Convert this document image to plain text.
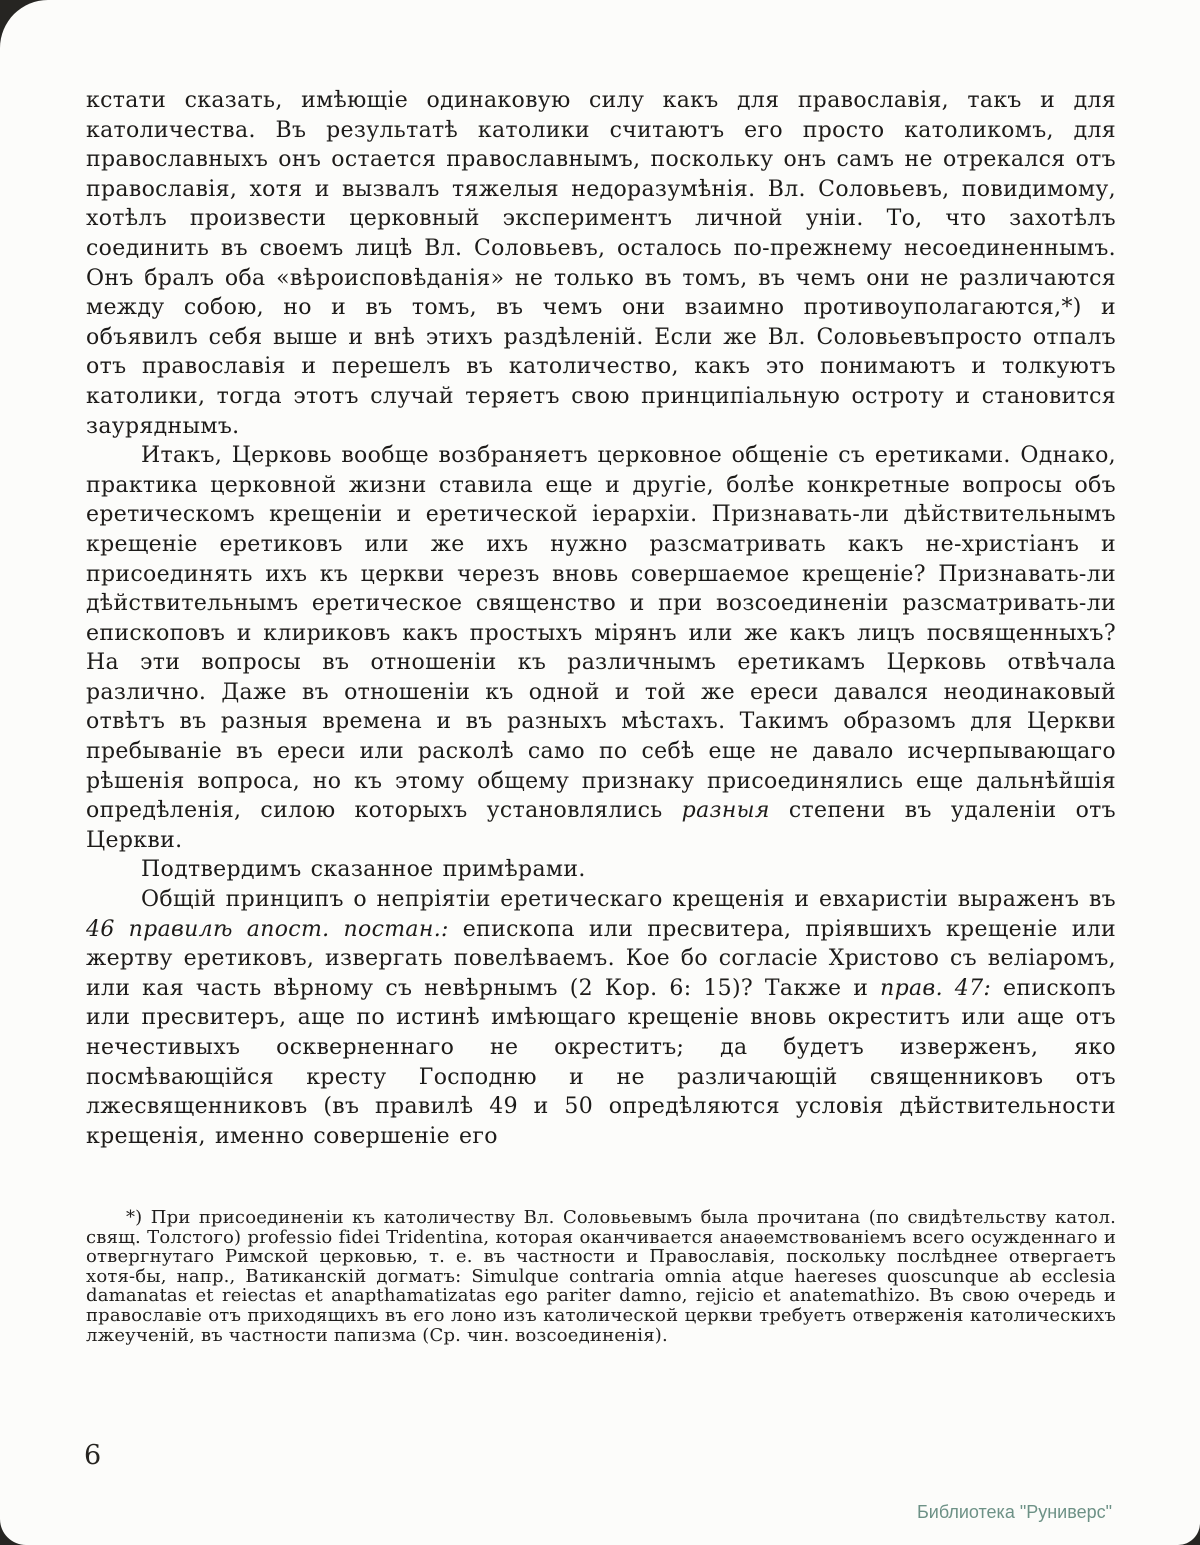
кстати сказать, имѣющіе одинаковую силу какъ для православія, такъ и для католичества. Въ результатѣ католики считаютъ его просто католикомъ, для православныхъ онъ остается православнымъ, поскольку онъ самъ не отрекался отъ православія, хотя и вызвалъ тяжелыя недоразумѣнія. Вл. Соловьевъ, повидимому, хотѣлъ произвести церковный экспериментъ личной уніи. То, что захотѣлъ соединить въ своемъ лицѣ Вл. Соловьевъ, осталось по-прежнему несоединеннымъ. Онъ бралъ оба «вѣроисповѣданія» не только въ томъ, въ чемъ они не различаются между собою, но и въ томъ, въ чемъ они взаимно противоуполагаются,*) и объявилъ себя выше и внѣ этихъ раздѣленій. Если же Вл. Соловьевъпросто отпалъ отъ православія и перешелъ въ католичество, какъ это понимаютъ и толкуютъ католики, тогда этотъ случай теряетъ свою принципіальную остроту и становится зауряднымъ.

Итакъ, Церковь вообще возбраняетъ церковное общеніе съ еретиками. Однако, практика церковной жизни ставила еще и другіе, болѣе конкретные вопросы объ еретическомъ крещеніи и еретической іерархіи. Признавать-ли дѣйствительнымъ крещеніе еретиковъ или же ихъ нужно разсматривать какъ не-христіанъ и присоединять ихъ къ церкви черезъ вновь совершаемое крещеніе? Признавать-ли дѣйствительнымъ еретическое священство и при возсоединеніи разсматривать-ли епископовъ и клириковъ какъ простыхъ мірянъ или же какъ лицъ посвященныхъ? На эти вопросы въ отношеніи къ различнымъ еретикамъ Церковь отвѣчала различно. Даже въ отношеніи къ одной и той же ереси давался неодинаковый отвѣтъ въ разныя времена и въ разныхъ мѣстахъ. Такимъ образомъ для Церкви пребываніе въ ереси или расколѣ само по себѣ еще не давало исчерпывающаго рѣшенія вопроса, но къ этому общему признаку присоединялись еще дальнѣйшія опредѣленія, силою которыхъ установлялись разныя степени въ удаленіи отъ Церкви.

Подтвердимъ сказанное примѣрами.

Общій принципъ о непріятіи еретическаго крещенія и евхаристіи выраженъ въ 46 правилѣ апост. постан.: епископа или пресвитера, пріявшихъ крещеніе или жертву еретиковъ, извергать повелѣваемъ. Кое бо согласіе Христово съ веліаромъ, или кая часть вѣрному съ невѣрнымъ (2 Кор. 6: 15)? Также и прав. 47: епископъ или пресвитеръ, аще по истинѣ имѣющаго крещеніе вновь окреститъ или аще отъ нечестивыхъ оскверненнаго не окреститъ; да будетъ изверженъ, яко посмѣвающійся кресту Господню и не различающій священниковъ отъ лжесвященниковъ (въ правилѣ 49 и 50 опредѣляются условія дѣйствительности крещенія, именно совершеніе его

*) При присоединеніи къ католичеству Вл. Соловьевымъ была прочитана (по свидѣтельству катол. свящ. Толстого) professio fidei Tridentina, которая оканчивается анаѳемствованіемъ всего осужденнаго и отвергнутаго Римской церковью, т. е. въ частности и Православія, поскольку послѣднее отвергаетъ хотя-бы, напр., Ватиканскій догматъ: Simulque contraria omnia atque haereses quoscunque ab ecclesia damanatas et reiectas et anapthamatizatas ego pariter damno, rejicio et anatemathizo. Въ свою очередь и православіе отъ приходящихъ въ его лоно изъ католической церкви требуетъ отверженія католическихъ лжеученій, въ частности папизма (Ср. чин. возсоединенія).

6
Библиотека "Руниверс"
